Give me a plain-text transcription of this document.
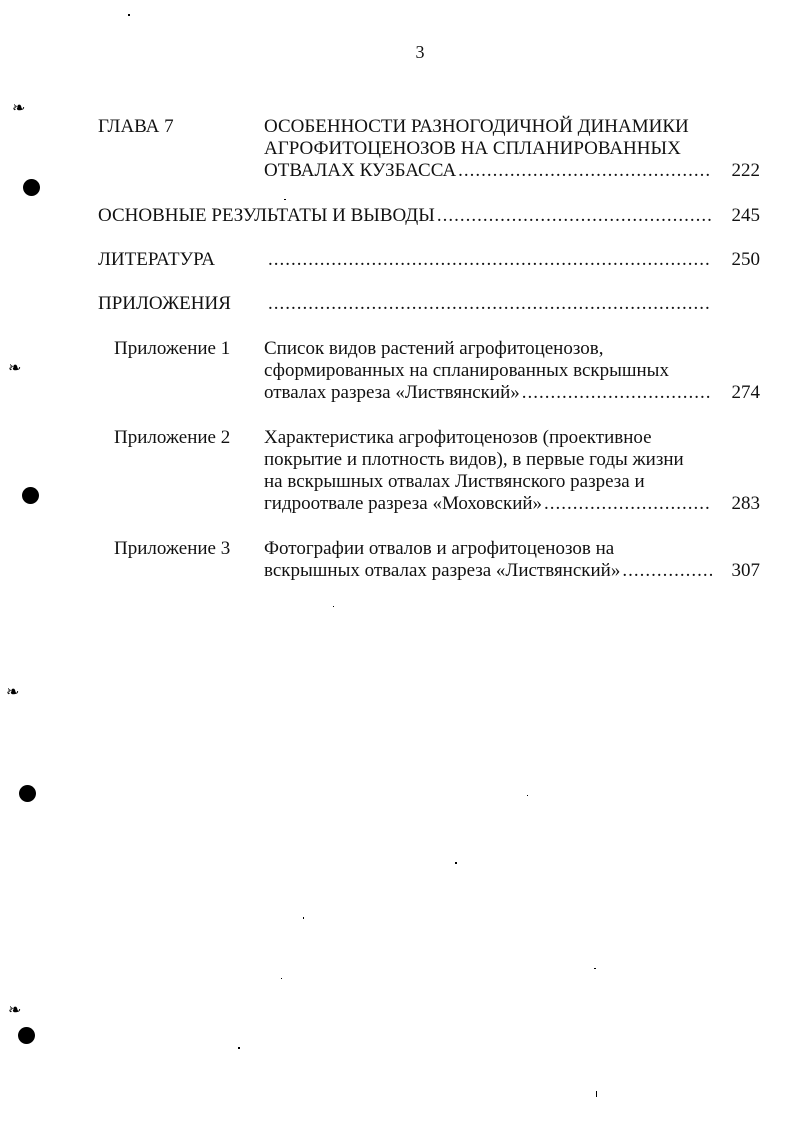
❧
❧
❧
❧
3
ГЛАВА 7	ОСОБЕННОСТИ РАЗНОГОДИЧНОЙ ДИНАМИКИ
АГРОФИТОЦЕНОЗОВ НА СПЛАНИРОВАННЫХ
ОТВАЛАХ КУЗБАССА .....	222
ОСНОВНЫЕ РЕЗУЛЬТАТЫ И ВЫВОДЫ .....	245
ЛИТЕРАТУРА .....	250
ПРИЛОЖЕНИЯ
.....
Приложение 1 Список видов растений агрофитоценозов,
сформированных на спланированных вскрышных
отвалах разреза «Листвянский» .....	274
Приложение 2 Характеристика агрофитоценозов (проективное
покрытие и плотность видов), в первые годы жизни
на вскрышных отвалах Листвянского разреза и
гидроотвале разреза «Моховский» .....	283
Приложение 3 Фотографии отвалов и агрофитоценозов на
вскрышных отвалах разреза «Листвянский» .....	307
